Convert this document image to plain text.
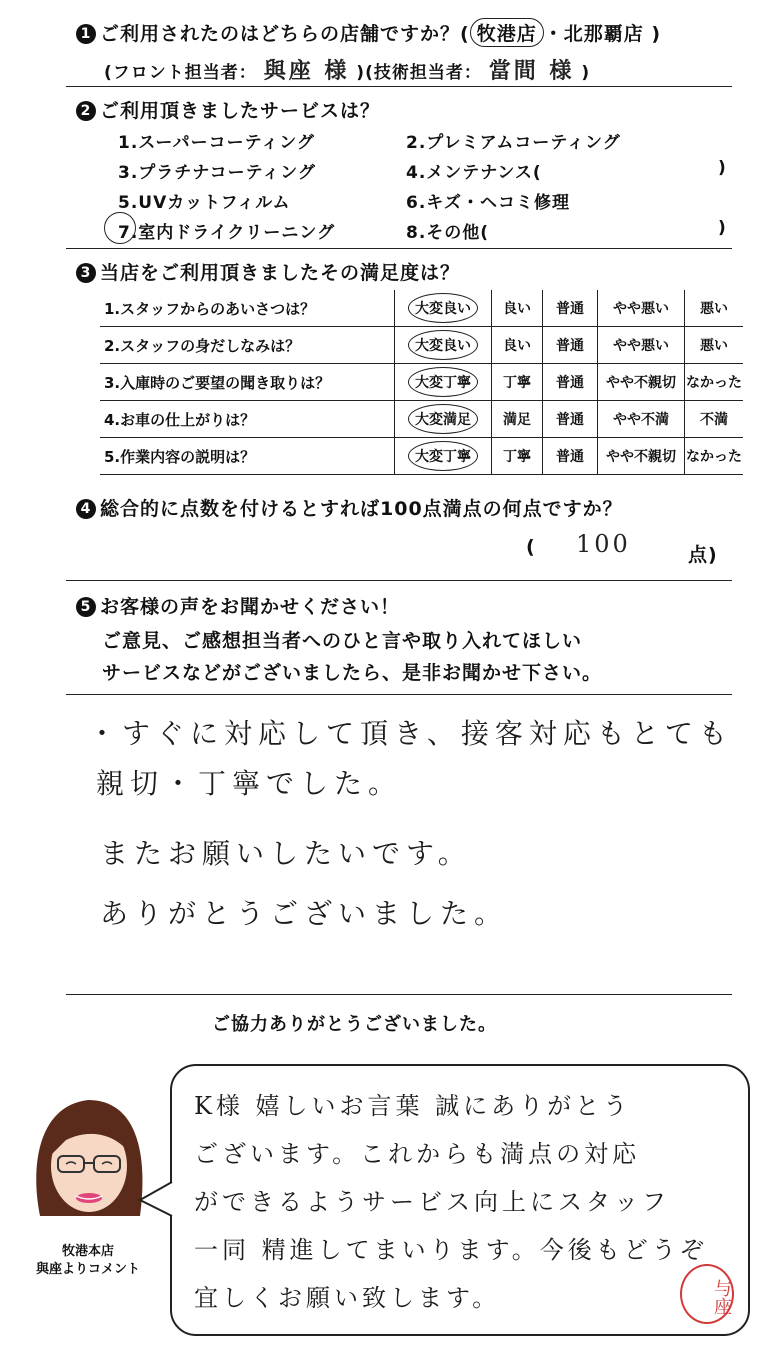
1 ご利用されたのはどちらの店舗ですか？( 牧港店 ・北那覇店 )
(フロント担当者： 與座 様 )(技術担当者： 當間 様 )
2 ご利用頂きましたサービスは？
1.スーパーコーティング	2.プレミアムコーティング
3.プラチナコーティング	4.メンテナンス(	)
5.UVカットフィルム	6.キズ・ヘコミ修理
7.室内ドライクリーニング	8.その他(	)
3 当店をご利用頂きましたその満足度は？
1.スタッフからのあいさつは？	大変良い	良い	普通	やや悪い	悪い
2.スタッフの身だしなみは？	大変良い	良い	普通	やや悪い	悪い
3.入庫時のご要望の聞き取りは？	大変丁寧	丁寧	普通	やや不親切	なかった
4.お車の仕上がりは？	大変満足	満足	普通	やや不満	不満
5.作業内容の説明は？	大変丁寧	丁寧	普通	やや不親切	なかった
4 総合的に点数を付けるとすれば100点満点の何点ですか？
( 100	点)
5 お客様の声をお聞かせください！
ご意見、ご感想担当者へのひと言や取り入れてほしい
サービスなどがございましたら、是非お聞かせ下さい。
・すぐに対応して頂き、接客対応もとても
親切・丁寧でした。
またお願いしたいです。
ありがとうございました。
ご協力ありがとうございました。
牧港本店
與座よりコメント
K様 嬉しいお言葉 誠にありがとう
ございます。これからも満点の対応
ができるようサービス向上にスタッフ
一同 精進してまいります。今後もどうぞ
宜しくお願い致します。	与座
